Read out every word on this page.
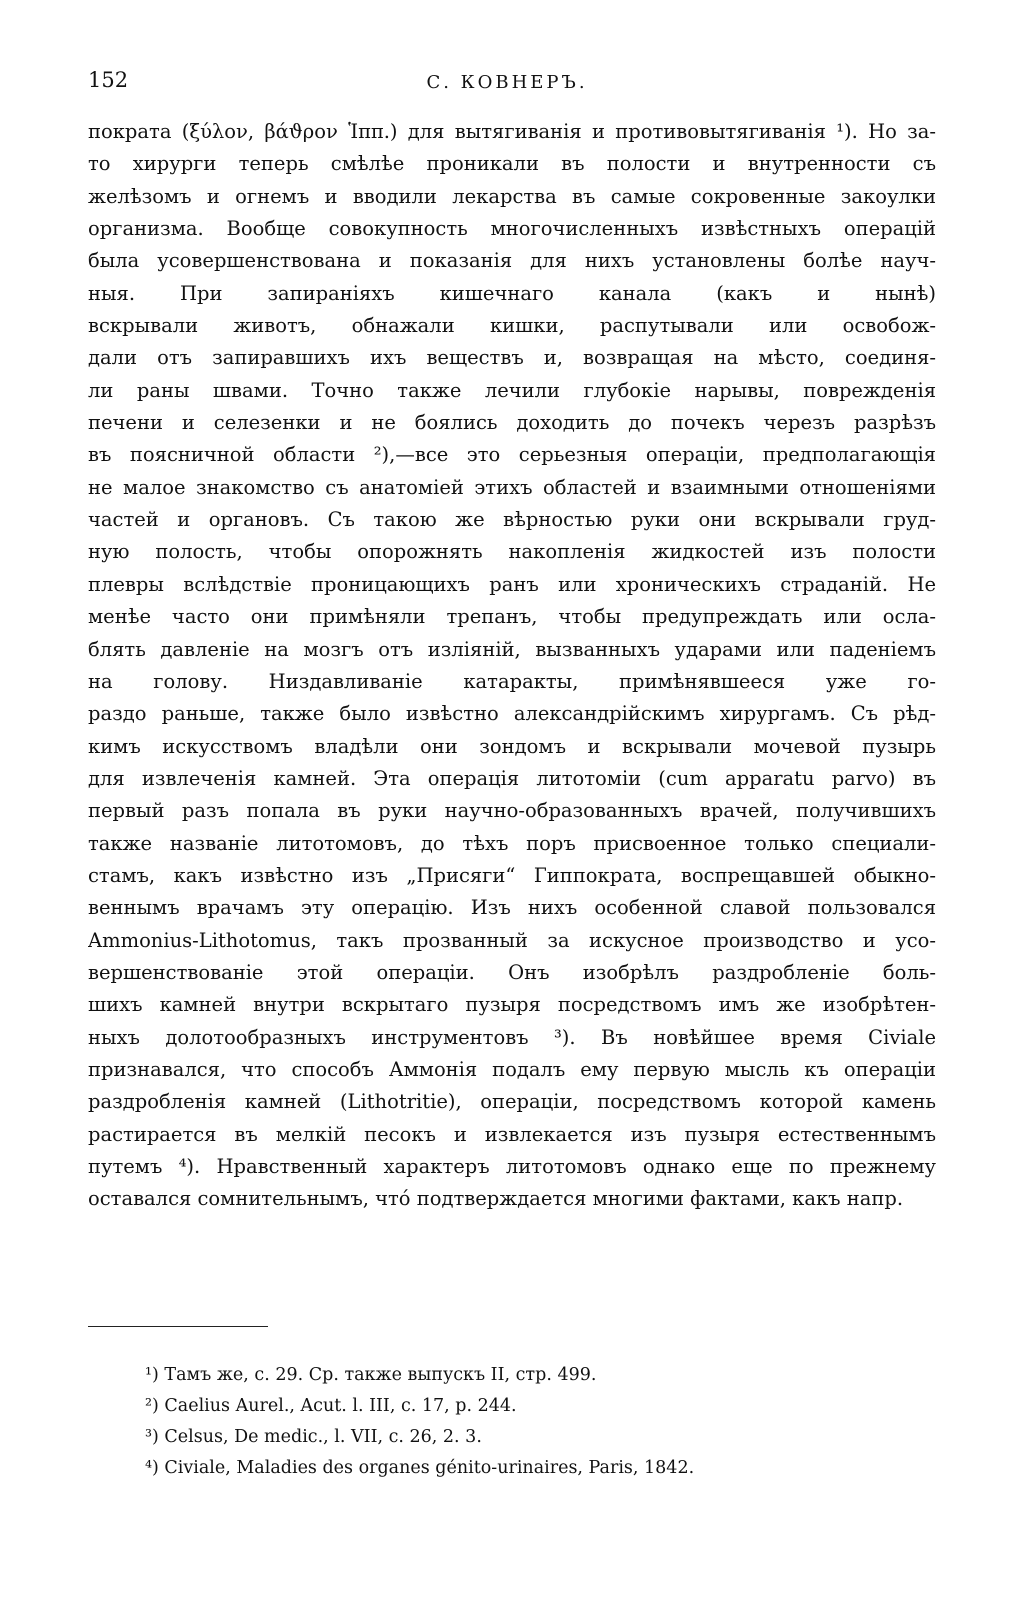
152	С. КОВНЕРЪ.
пократа (ξύλον, βάϑρον Ἱππ.) для вытягиванія и противовытягиванія ¹). Но за-
то хирурги теперь смѣлѣе проникали въ полости и внутренности съ
желѣзомъ и огнемъ и вводили лекарства въ самые сокровенные закоулки
организма. Вообще совокупность многочисленныхъ извѣстныхъ операцій
была усовершенствована и показанія для нихъ установлены болѣе науч-
ныя. При запираніяхъ кишечнаго канала (какъ и нынѣ)
вскрывали животъ, обнажали кишки, распутывали или освобож-
дали отъ запиравшихъ ихъ веществъ и, возвращая на мѣсто, соединя-
ли раны швами. Точно также лечили глубокіе нарывы, поврежденія
печени и селезенки и не боялись доходить до почекъ черезъ разрѣзъ
въ поясничной области ²),—все это серьезныя операціи, предполагающія
не малое знакомство съ анатоміей этихъ областей и взаимными отношеніями
частей и органовъ. Съ такою же вѣрностью руки они вскрывали груд-
ную полость, чтобы опорожнять накопленія жидкостей изъ полости
плевры вслѣдствіе проницающихъ ранъ или хроническихъ страданій. Не
менѣе часто они примѣняли трепанъ, чтобы предупреждать или осла-
блять давленіе на мозгъ отъ изліяній, вызванныхъ ударами или паденіемъ
на голову. Низдавливаніе катаракты, примѣнявшееся уже го-
раздо раньше, также было извѣстно александрійскимъ хирургамъ. Съ рѣд-
кимъ искусствомъ владѣли они зондомъ и вскрывали мочевой пузырь
для извлеченія камней. Эта операція литотоміи (cum apparatu parvo) въ
первый разъ попала въ руки научно-образованныхъ врачей, получившихъ
также названіе литотомовъ, до тѣхъ поръ присвоенное только специали-
стамъ, какъ извѣстно изъ „Присяги“ Гиппократа, воспрещавшей обыкно-
веннымъ врачамъ эту операцію. Изъ нихъ особенной славой пользовался
Ammonius-Lithotomus, такъ прозванный за искусное производство и усо-
вершенствованіе этой операціи. Онъ изобрѣлъ раздробленіе боль-
шихъ камней внутри вскрытаго пузыря посредствомъ имъ же изобрѣтен-
ныхъ долотообразныхъ инструментовъ ³). Въ новѣйшее время Civiale
признавался, что способъ Аммонія подалъ ему первую мысль къ операціи
раздробленія камней (Lithotritie), операціи, посредствомъ которой камень
растирается въ мелкій песокъ и извлекается изъ пузыря естественнымъ
путемъ ⁴). Нравственный характеръ литотомовъ однако еще по прежнему
оставался сомнительнымъ, чтó подтверждается многими фактами, какъ напр.
¹) Тамъ же, с. 29. Ср. также выпускъ II, стр. 499.
²) Caelius Aurel., Acut. l. III, c. 17, p. 244.
³) Celsus, De medic., l. VII, c. 26, 2. 3.
⁴) Civiale, Maladies des organes génito-urinaires, Paris, 1842.
